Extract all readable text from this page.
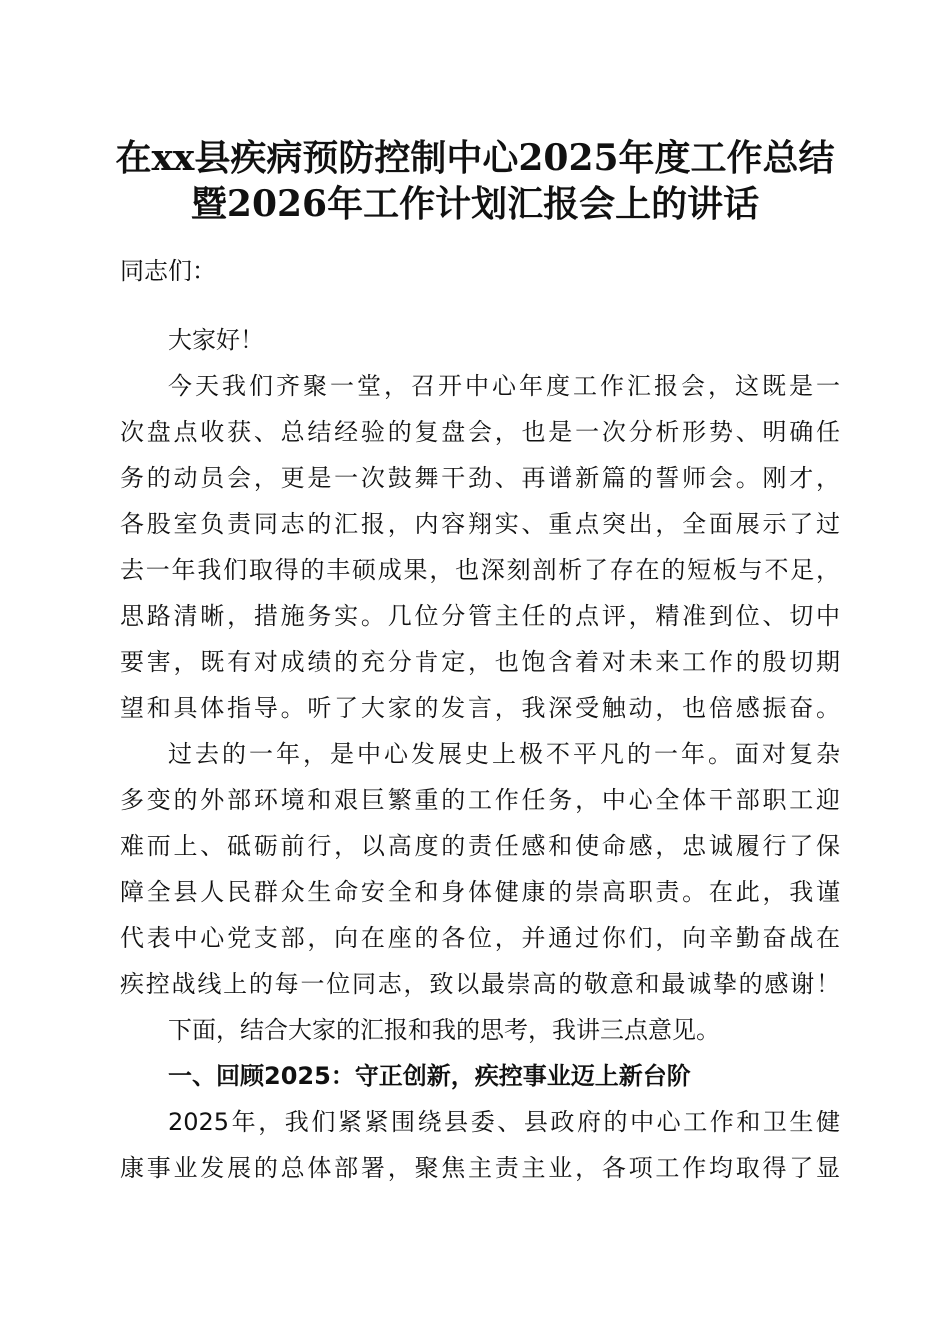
在xx县疾病预防控制中心2025年度工作总结
暨2026年工作计划汇报会上的讲话
同志们：
大家好！
今天我们齐聚一堂，召开中心年度工作汇报会，这既是一
次盘点收获、总结经验的复盘会，也是一次分析形势、明确任
务的动员会，更是一次鼓舞干劲、再谱新篇的誓师会。刚才，
各股室负责同志的汇报，内容翔实、重点突出，全面展示了过
去一年我们取得的丰硕成果，也深刻剖析了存在的短板与不足，
思路清晰，措施务实。几位分管主任的点评，精准到位、切中
要害，既有对成绩的充分肯定，也饱含着对未来工作的殷切期
望和具体指导。听了大家的发言，我深受触动，也倍感振奋。
过去的一年，是中心发展史上极不平凡的一年。面对复杂
多变的外部环境和艰巨繁重的工作任务，中心全体干部职工迎
难而上、砥砺前行，以高度的责任感和使命感，忠诚履行了保
障全县人民群众生命安全和身体健康的崇高职责。在此，我谨
代表中心党支部，向在座的各位，并通过你们，向辛勤奋战在
疾控战线上的每一位同志，致以最崇高的敬意和最诚挚的感谢！
下面，结合大家的汇报和我的思考，我讲三点意见。
一、回顾2025：守正创新，疾控事业迈上新台阶
2025年，我们紧紧围绕县委、县政府的中心工作和卫生健
康事业发展的总体部署，聚焦主责主业，各项工作均取得了显
